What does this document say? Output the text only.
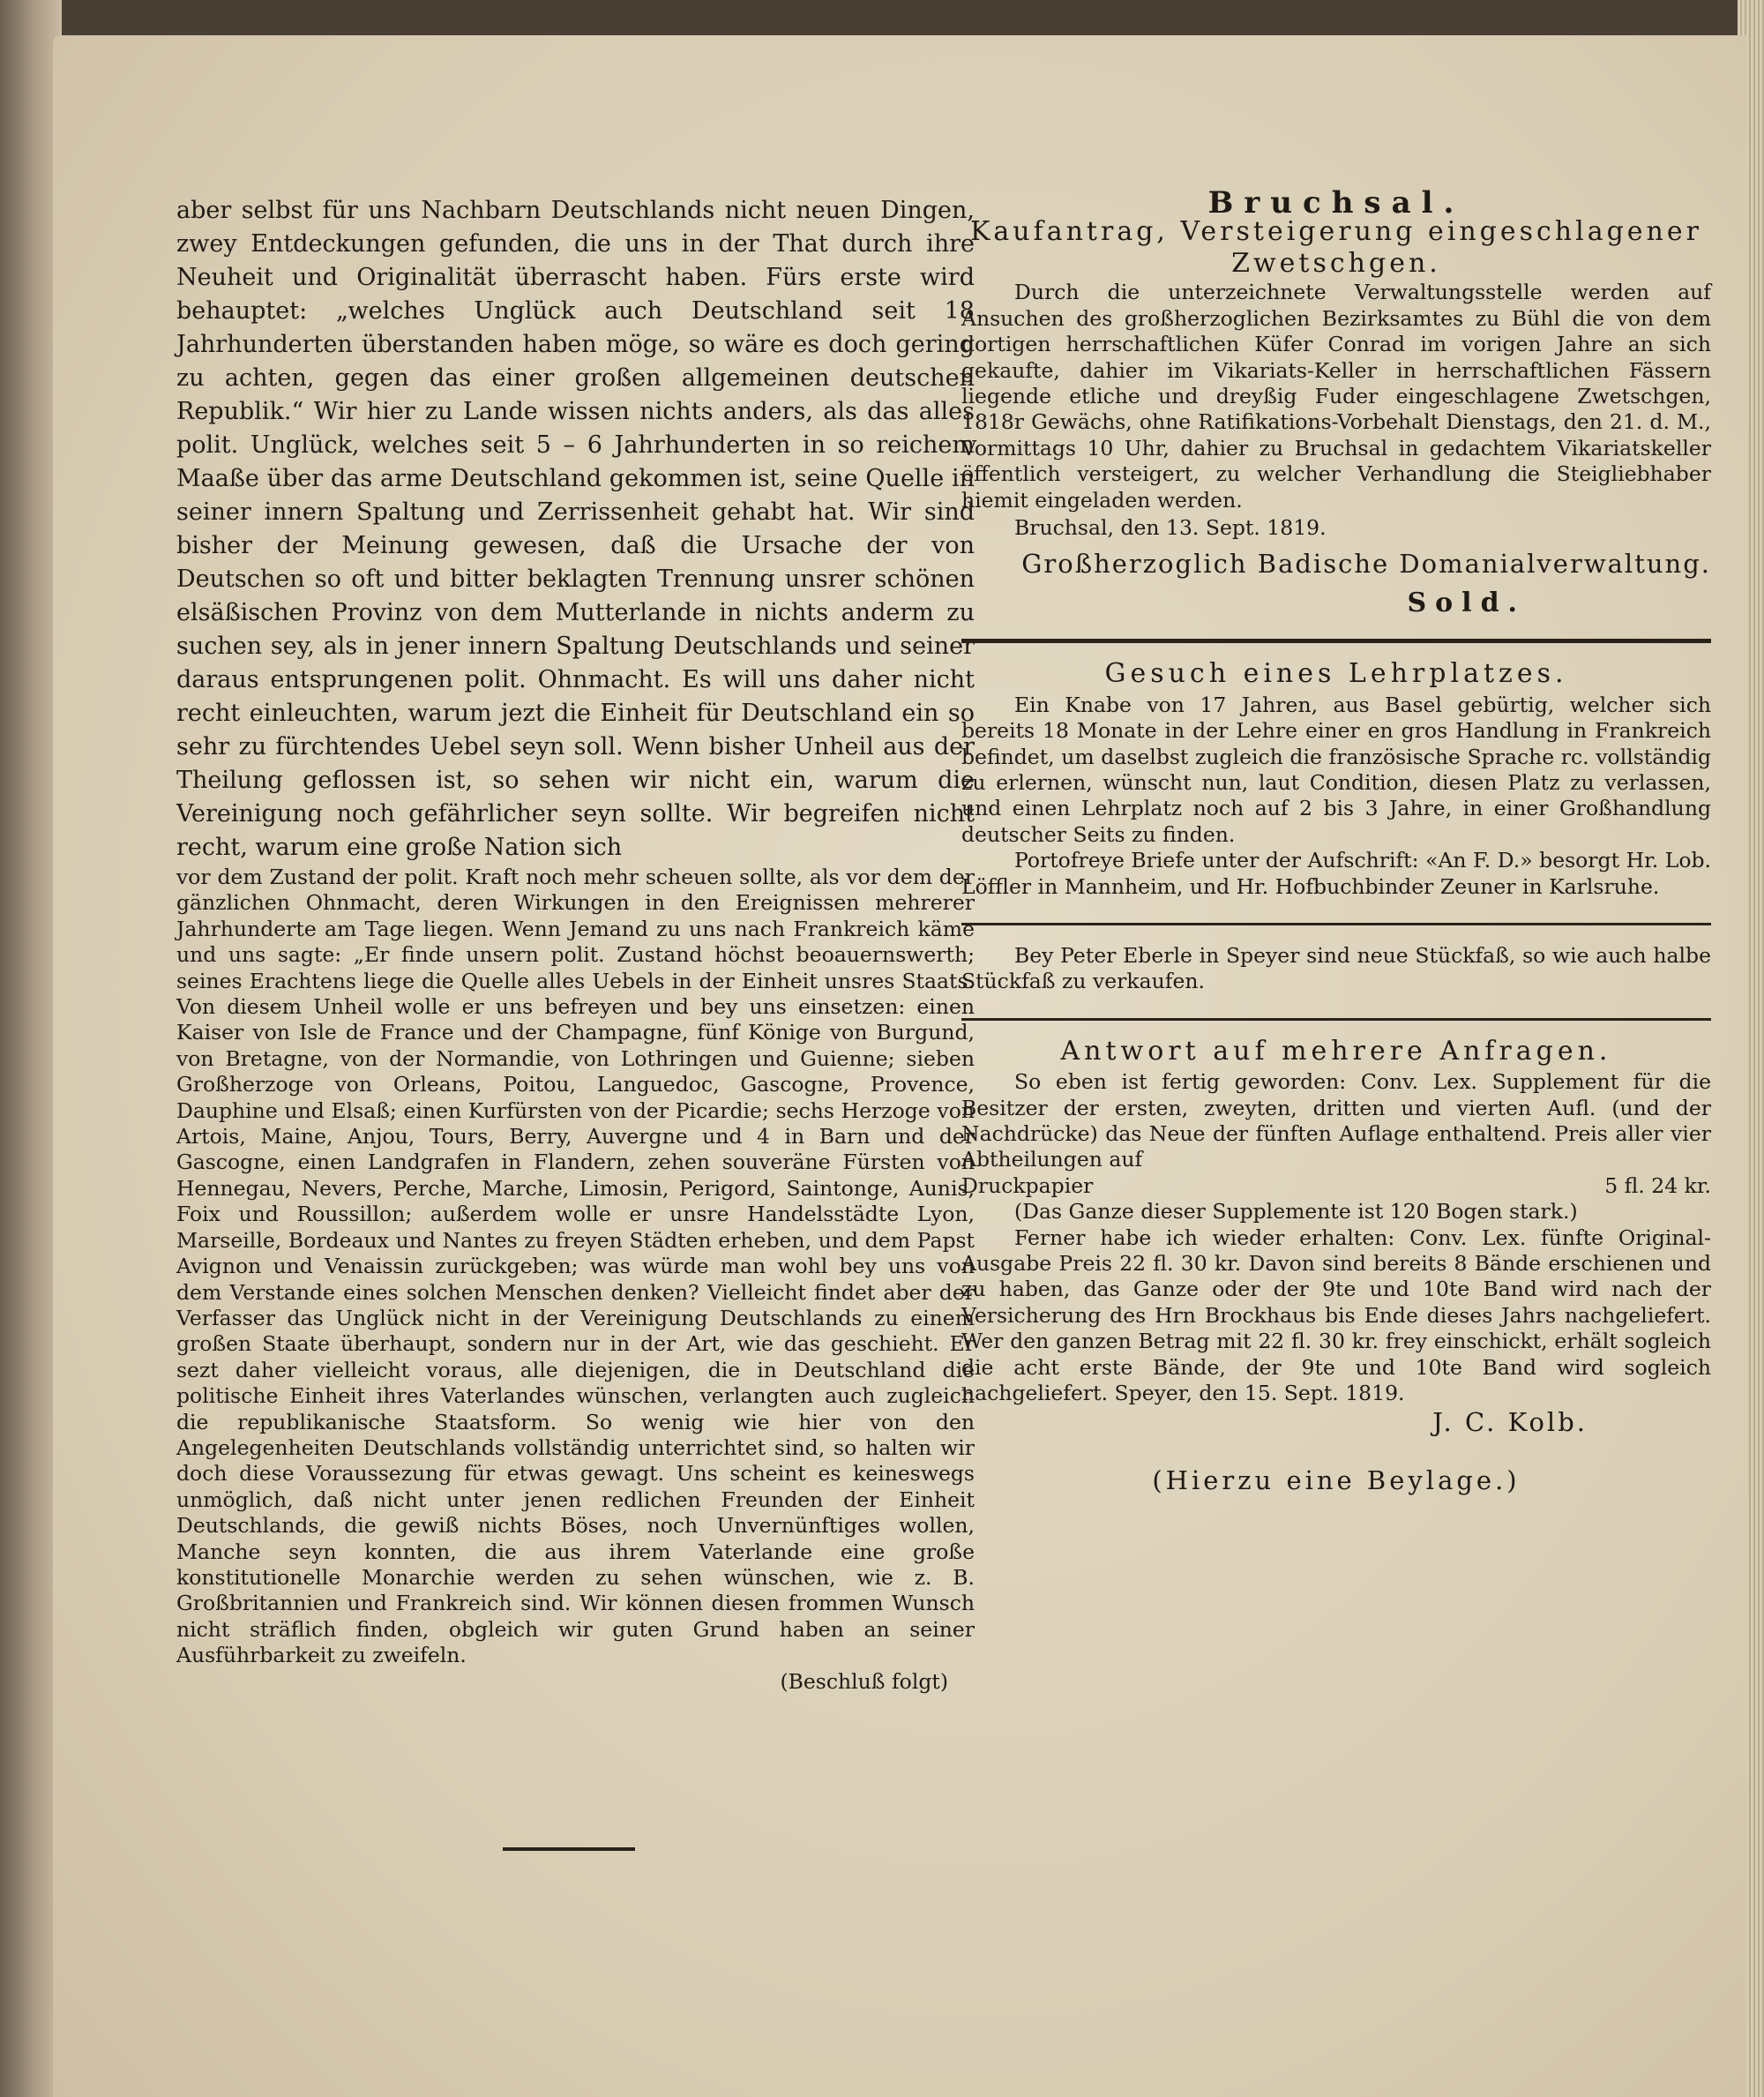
aber selbst für uns Nachbarn Deutschlands nicht neuen Dingen, zwey Entdeckungen gefunden, die uns in der That durch ihre Neuheit und Originalität überrascht haben. Fürs erste wird behauptet: „welches Unglück auch Deutschland seit 18 Jahrhunderten überstanden haben möge, so wäre es doch gering zu achten, gegen das einer großen allgemeinen deutschen Republik.“ Wir hier zu Lande wissen nichts anders, als das alles polit. Unglück, welches seit 5 – 6 Jahrhunderten in so reichem Maaße über das arme Deutschland gekommen ist, seine Quelle in seiner innern Spaltung und Zerrissenheit gehabt hat. Wir sind bisher der Meinung gewesen, daß die Ursache der von Deutschen so oft und bitter beklagten Trennung unsrer schönen elsäßischen Provinz von dem Mutterlande in nichts anderm zu suchen sey, als in jener innern Spaltung Deutschlands und seiner daraus entsprungenen polit. Ohnmacht. Es will uns daher nicht recht einleuchten, warum jezt die Einheit für Deutschland ein so sehr zu fürchtendes Uebel seyn soll. Wenn bisher Unheil aus der Theilung geflossen ist, so sehen wir nicht ein, warum die Vereinigung noch gefährlicher seyn sollte. Wir begreifen nicht recht, warum eine große Nation sich

vor dem Zustand der polit. Kraft noch mehr scheuen sollte, als vor dem der gänzlichen Ohnmacht, deren Wirkungen in den Ereignissen mehrerer Jahrhunderte am Tage liegen. Wenn Jemand zu uns nach Frankreich käme und uns sagte: „Er finde unsern polit. Zustand höchst beoauernswerth; seines Erachtens liege die Quelle alles Uebels in der Einheit unsres Staats. Von diesem Unheil wolle er uns befreyen und bey uns einsetzen: einen Kaiser von Isle de France und der Champagne, fünf Könige von Burgund, von Bretagne, von der Normandie, von Lothringen und Guienne; sieben Großherzoge von Orleans, Poitou, Languedoc, Gascogne, Provence, Dauphine und Elsaß; einen Kurfürsten von der Picardie; sechs Herzoge von Artois, Maine, Anjou, Tours, Berry, Auvergne und 4 in Barn und der Gascogne, einen Landgrafen in Flandern, zehen souveräne Fürsten von Hennegau, Nevers, Perche, Marche, Limosin, Perigord, Saintonge, Aunis, Foix und Roussillon; außerdem wolle er unsre Handelsstädte Lyon, Marseille, Bordeaux und Nantes zu freyen Städten erheben, und dem Papst Avignon und Venaissin zurückgeben; was würde man wohl bey uns von dem Verstande eines solchen Menschen denken? Vielleicht findet aber der Verfasser das Unglück nicht in der Vereinigung Deutschlands zu einem großen Staate überhaupt, sondern nur in der Art, wie das geschieht. Er sezt daher vielleicht voraus, alle diejenigen, die in Deutschland die politische Einheit ihres Vaterlandes wünschen, verlangten auch zugleich die republikanische Staatsform. So wenig wie hier von den Angelegenheiten Deutschlands vollständig unterrichtet sind, so halten wir doch diese Voraussezung für etwas gewagt. Uns scheint es keineswegs unmöglich, daß nicht unter jenen redlichen Freunden der Einheit Deutschlands, die gewiß nichts Böses, noch Unvernünftiges wollen, Manche seyn konnten, die aus ihrem Vaterlande eine große konstitutionelle Monarchie werden zu sehen wünschen, wie z. B. Großbritannien und Frankreich sind. Wir können diesen frommen Wunsch nicht sträflich finden, obgleich wir guten Grund haben an seiner Ausführbarkeit zu zweifeln.

(Beschluß folgt)

Bruchsal.

Kaufantrag, Versteigerung eingeschlagener Zwetschgen.

Durch die unterzeichnete Verwaltungsstelle werden auf Ansuchen des großherzoglichen Bezirksamtes zu Bühl die von dem dortigen herrschaftlichen Küfer Conrad im vorigen Jahre an sich gekaufte, dahier im Vikariats-Keller in herrschaftlichen Fässern liegende etliche und dreyßig Fuder eingeschlagene Zwetschgen, 1818r Gewächs, ohne Ratifikations-Vorbehalt Dienstags, den 21. d. M., Vormittags 10 Uhr, dahier zu Bruchsal in gedachtem Vikariatskeller öffentlich versteigert, zu welcher Verhandlung die Steigliebhaber hiemit eingeladen werden.

Bruchsal, den 13. Sept. 1819.

Großherzoglich Badische Domanialverwaltung.

Sold.

Gesuch eines Lehrplatzes.

Ein Knabe von 17 Jahren, aus Basel gebürtig, welcher sich bereits 18 Monate in der Lehre einer en gros Handlung in Frankreich befindet, um daselbst zugleich die französische Sprache rc. vollständig zu erlernen, wünscht nun, laut Condition, diesen Platz zu verlassen, und einen Lehrplatz noch auf 2 bis 3 Jahre, in einer Großhandlung deutscher Seits zu finden.

Portofreye Briefe unter der Aufschrift: «An F. D.» besorgt Hr. Lob. Löffler in Mannheim, und Hr. Hofbuchbinder Zeuner in Karlsruhe.

Bey Peter Eberle in Speyer sind neue Stückfaß, so wie auch halbe Stückfaß zu verkaufen.

Antwort auf mehrere Anfragen.

So eben ist fertig geworden: Conv. Lex. Supplement für die Besitzer der ersten, zweyten, dritten und vierten Aufl. (und der Nachdrücke) das Neue der fünften Auflage enthaltend. Preis aller vier Abtheilungen auf

Druckpapier	5 fl. 24 kr.

(Das Ganze dieser Supplemente ist 120 Bogen stark.)

Ferner habe ich wieder erhalten: Conv. Lex. fünfte Original-Ausgabe Preis 22 fl. 30 kr. Davon sind bereits 8 Bände erschienen und zu haben, das Ganze oder der 9te und 10te Band wird nach der Versicherung des Hrn Brockhaus bis Ende dieses Jahrs nachgeliefert. Wer den ganzen Betrag mit 22 fl. 30 kr. frey einschickt, erhält sogleich die acht erste Bände, der 9te und 10te Band wird sogleich nachgeliefert. Speyer, den 15. Sept. 1819.

J. C. Kolb.

(Hierzu eine Beylage.)
